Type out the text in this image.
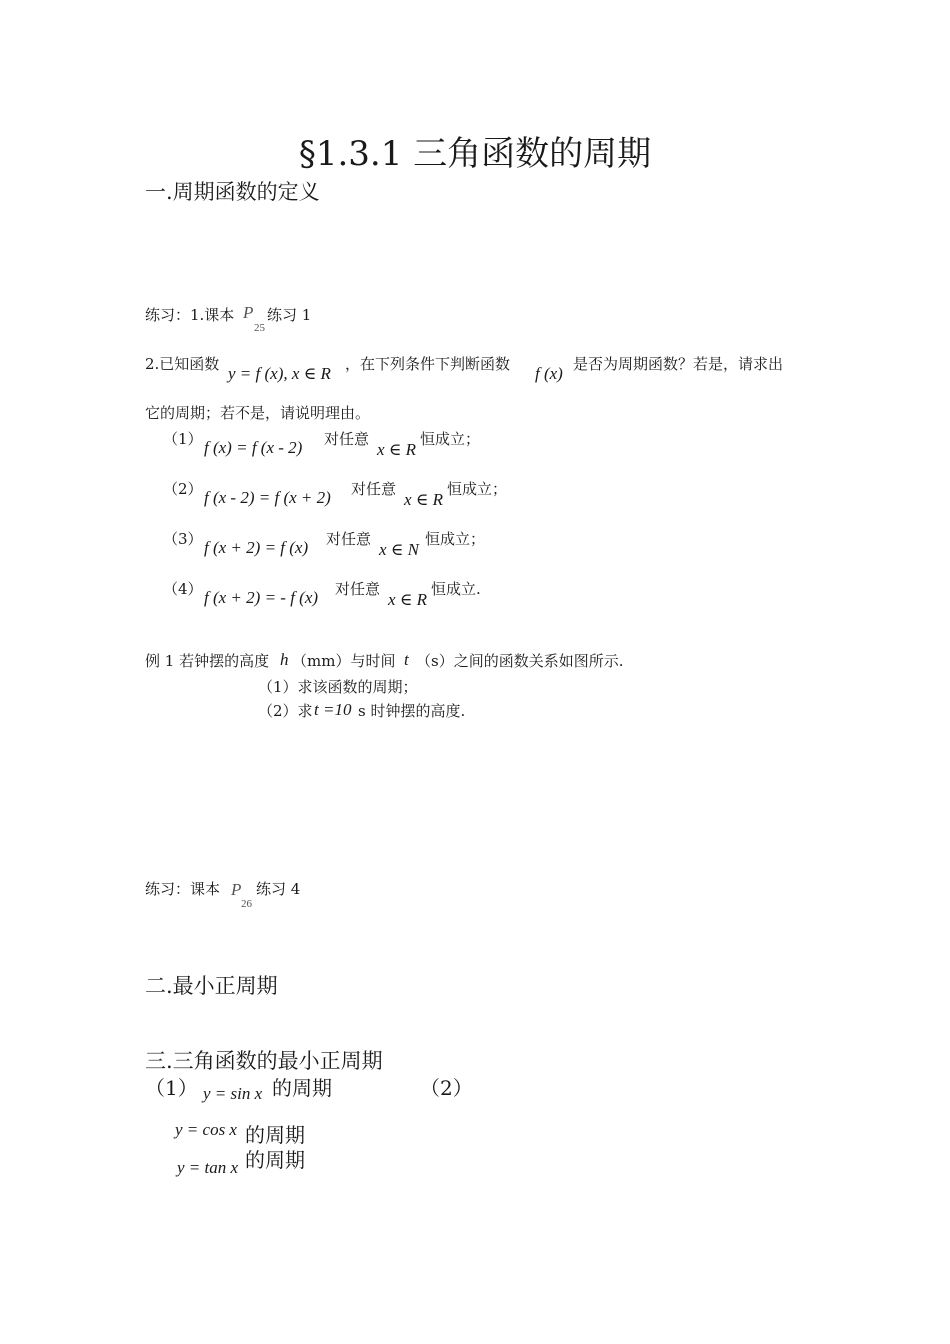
§1.3.1 三角函数的周期
一.周期函数的定义
练习：1.课本 P
25
练习 1
2.已知函数 y = f (x), x ∈ R ，在下列条件下判断函数 f (x) 是否为周期函数？若是，请求出
它的周期；若不是，请说明理由。
（1） f (x) = f (x - 2) 对任意
x ∈ R
恒成立；
（2） f (x - 2) = f (x + 2) 对任意
x ∈ R
恒成立；
（3） f (x + 2) = f (x) 对任意
x ∈ N
恒成立；
（4） f (x + 2) = - f (x) 对任意
x ∈ R
恒成立.
例 1 若钟摆的高度 h （mm）与时间 t （s）之间的函数关系如图所示.
（1）求该函数的周期；
（2）求 t =10 s 时钟摆的高度.
练习：课本 P
26
练习 4
二.最小正周期
三.三角函数的最小正周期
（1） y = sin x 的周期	（2）
y = cos x 的周期
y = tan x 的周期
